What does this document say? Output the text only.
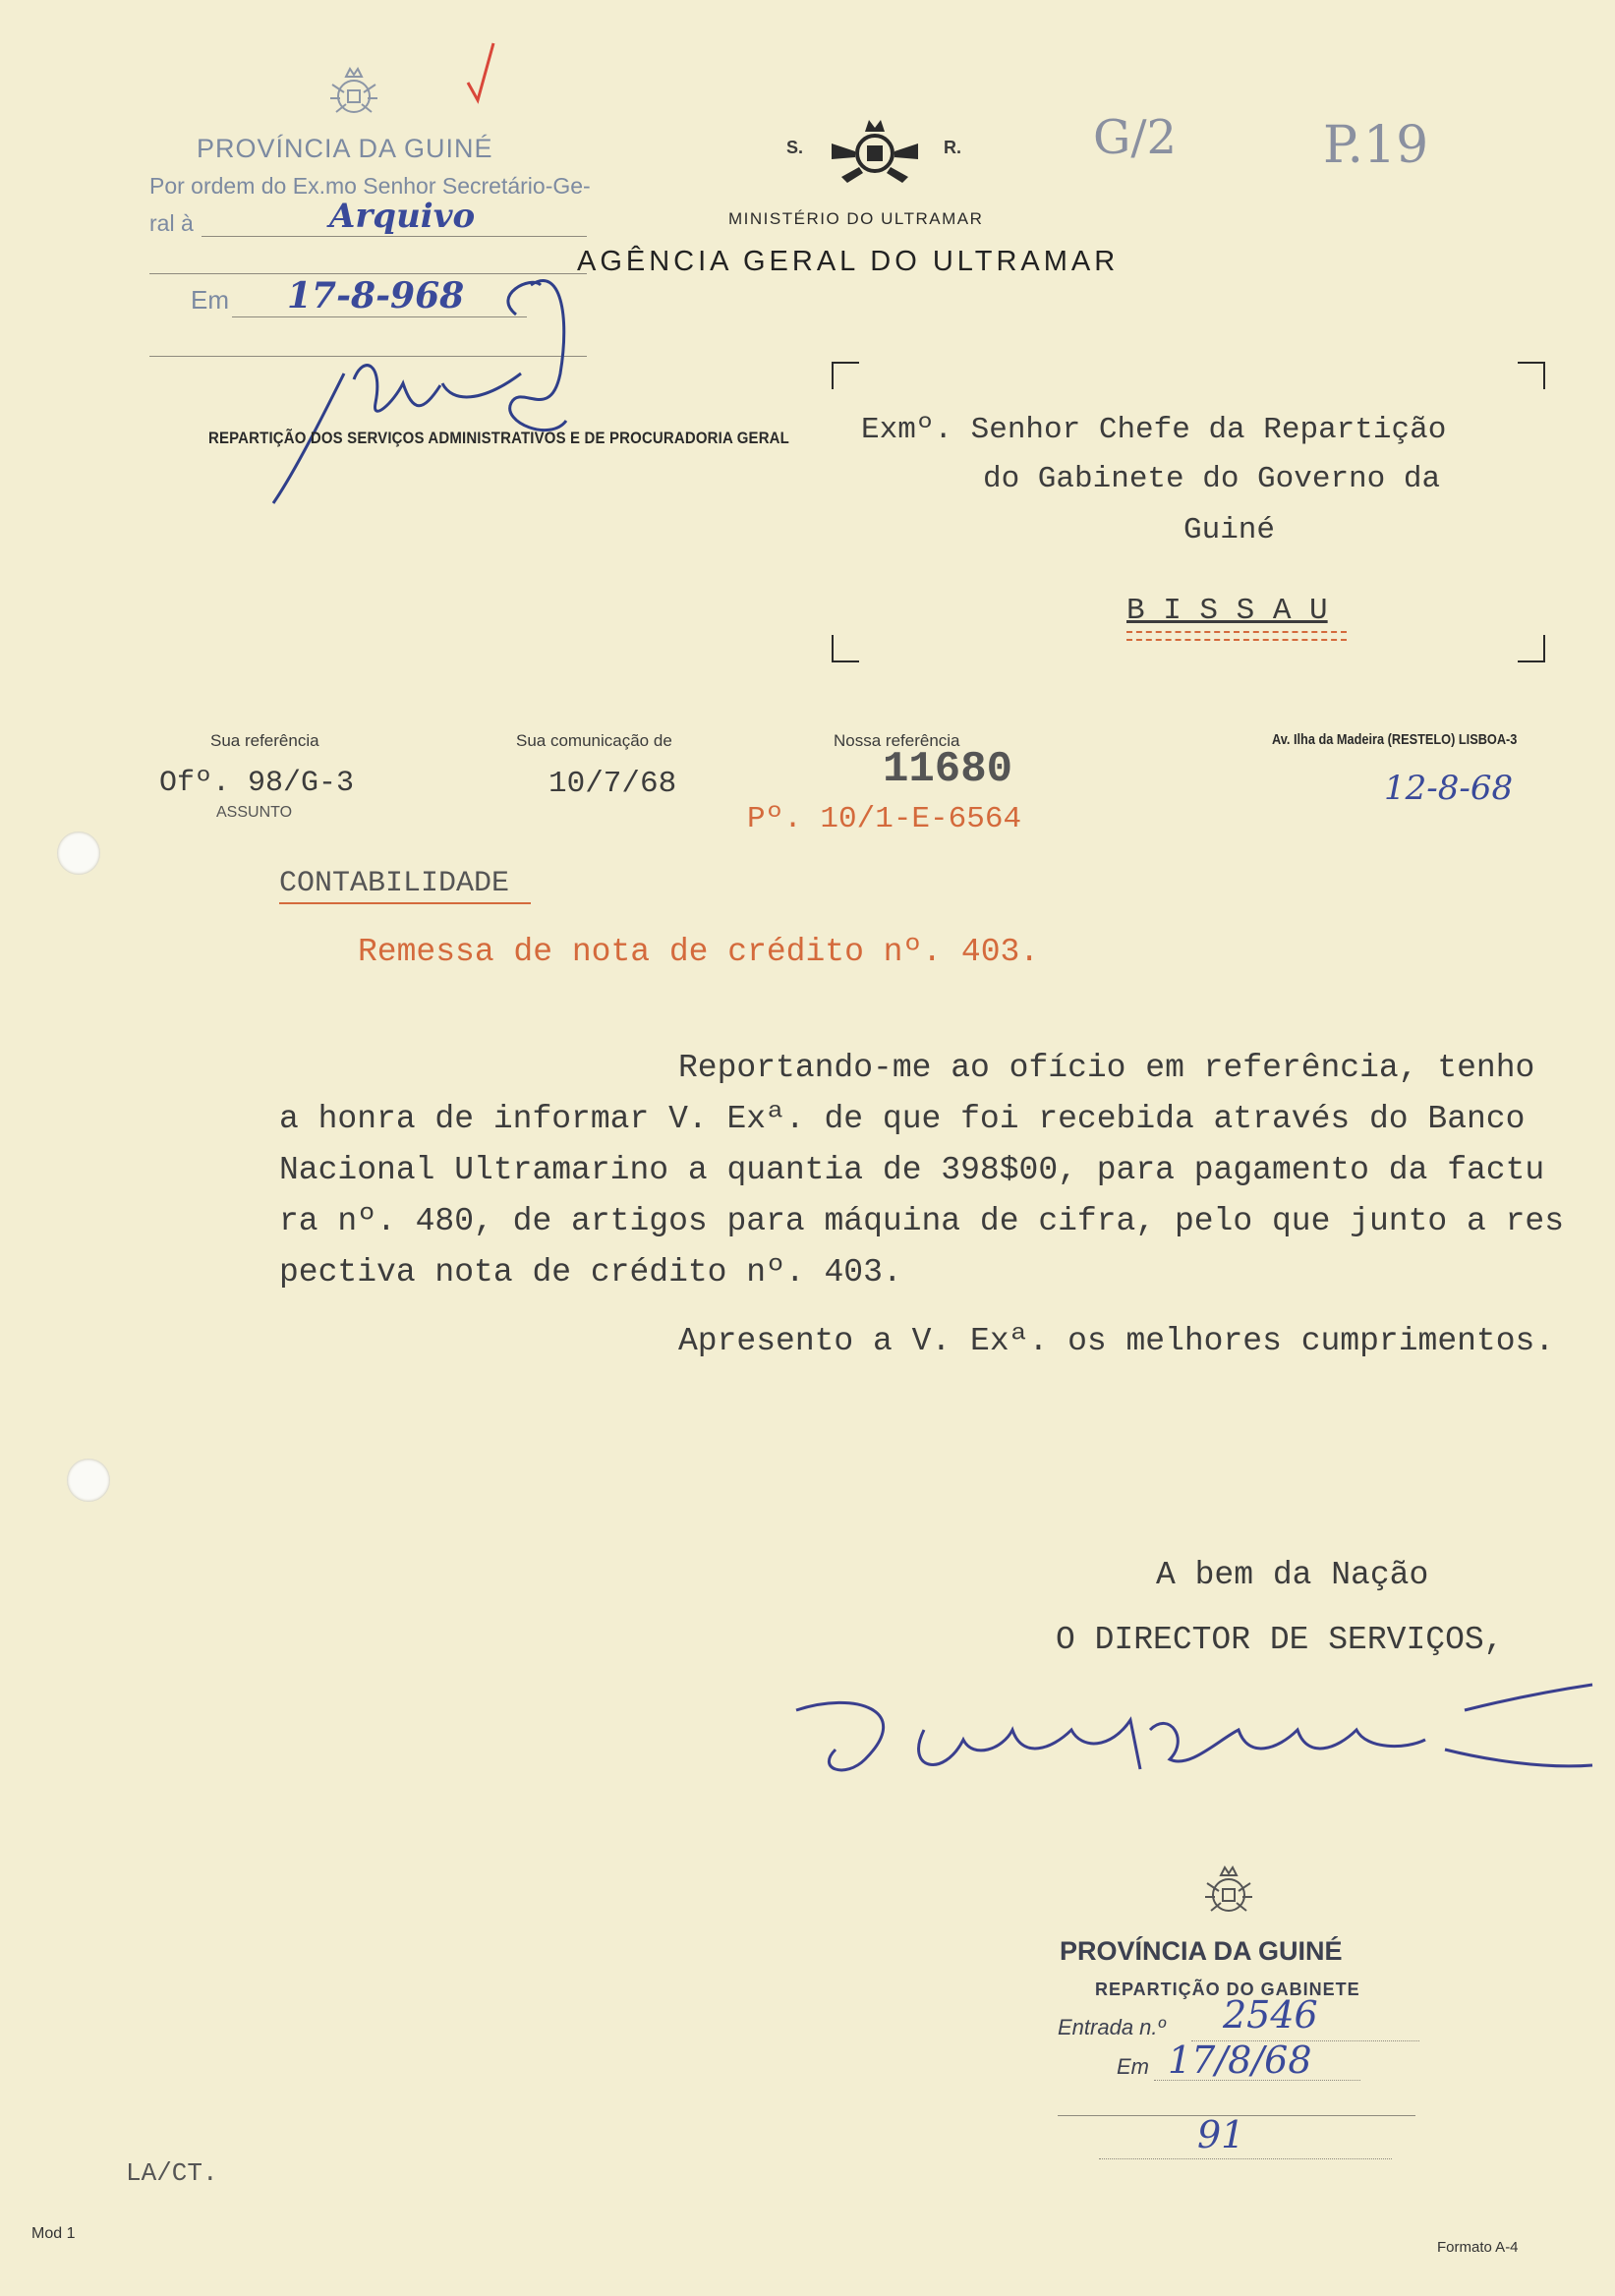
PROVÍNCIA DA GUINÉ
Por ordem do Ex.mo Senhor Secretário-Ge-
ral à	Arquivo
Em 17-8-968
REPARTIÇÃO DOS SERVIÇOS ADMINISTRATIVOS E DE PROCURADORIA GERAL
S.	R.
MINISTÉRIO DO ULTRAMAR
AGÊNCIA GERAL DO ULTRAMAR
G/2	P.19
Exmº. Senhor Chefe da Repartição
do Gabinete do Governo da
Guiné
B I S S A U
Sua referência
Ofº. 98/G-3
ASSUNTO
Sua comunicação de
10/7/68
Nossa referência
11680
Pº. 10/1-E-6564
Av. Ilha da Madeira (RESTELO) LISBOA-3
12-8-68
CONTABILIDADE
Remessa de nota de crédito nº. 403.
Reportando-me ao ofício em referência, tenho
a honra de informar V. Exª. de que foi recebida através do Banco
Nacional Ultramarino a quantia de 398$00, para pagamento da factu
ra nº. 480, de artigos para máquina de cifra, pelo que junto a res
pectiva nota de crédito nº. 403.
Apresento a V. Exª. os melhores cumprimentos.
A bem da Nação
O DIRECTOR DE SERVIÇOS,
PROVÍNCIA DA GUINÉ
REPARTIÇÃO DO GABINETE
Entrada n.º 2546
Em 17/8/68
91
LA/CT.
Mod 1
Formato A-4
